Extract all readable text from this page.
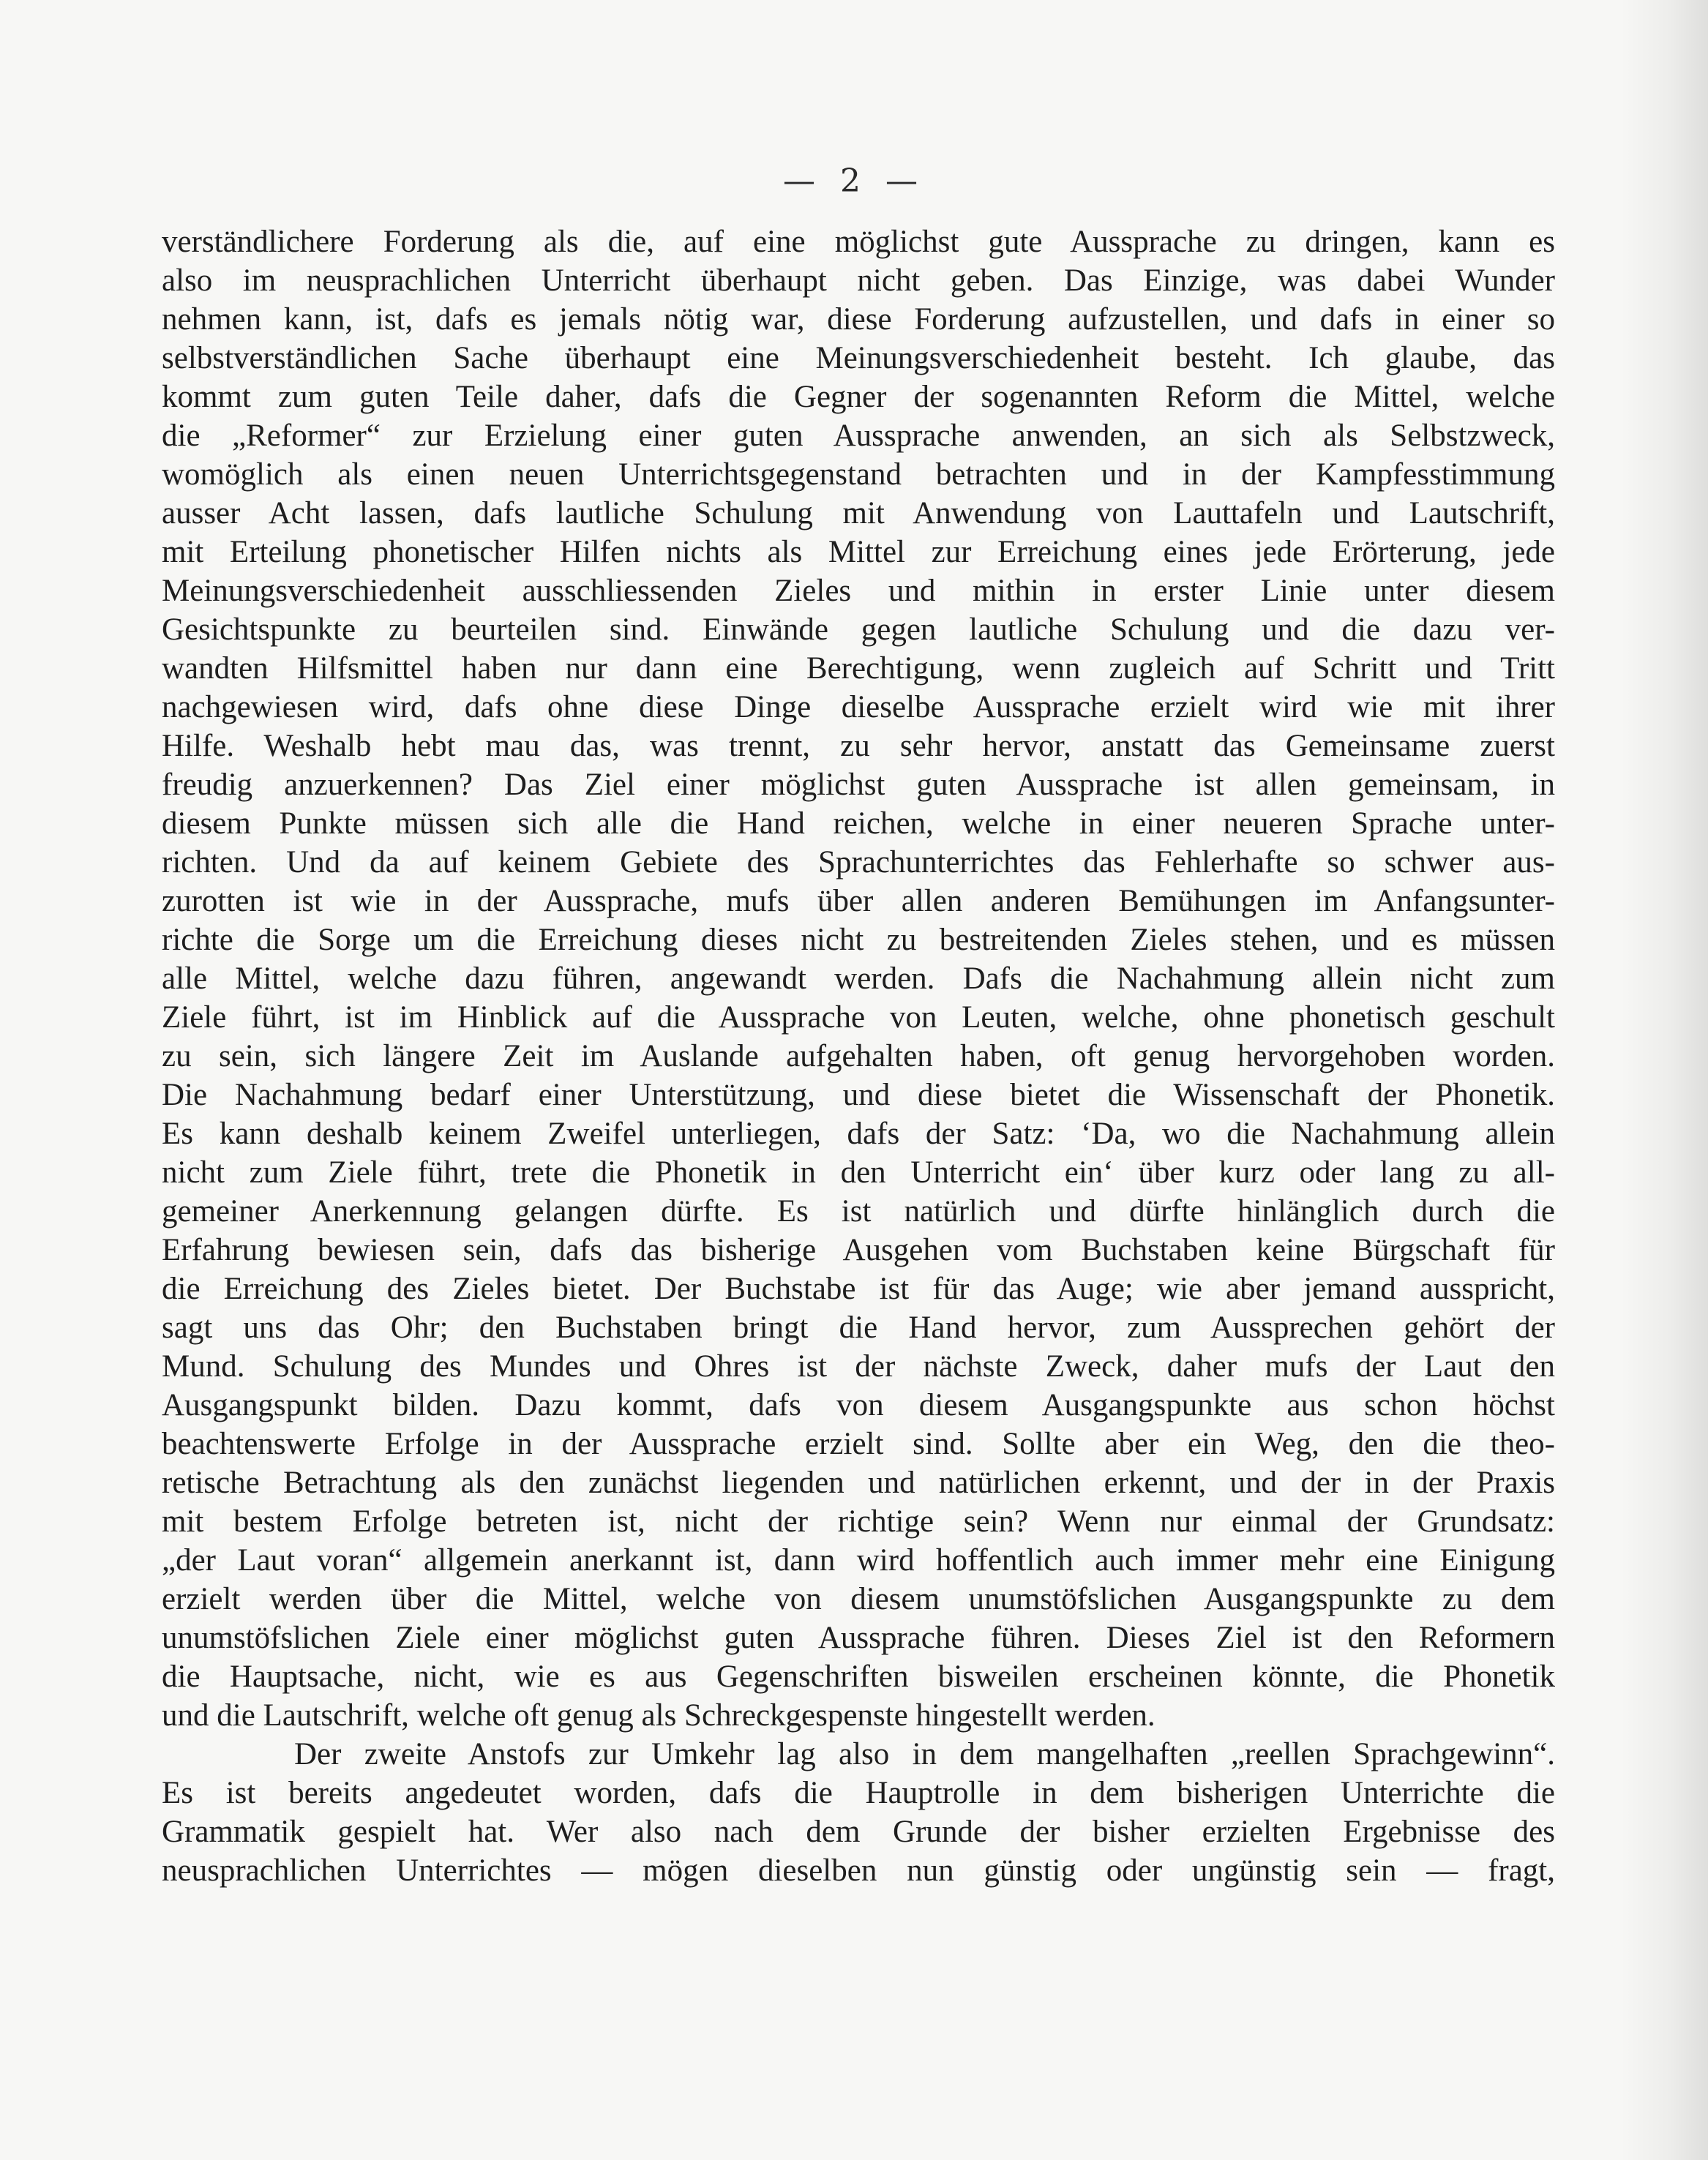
— 2 —
verständlichere Forderung als die, auf eine möglichst gute Aussprache zu dringen, kann es
also im neusprachlichen Unterricht überhaupt nicht geben. Das Einzige, was dabei Wunder
nehmen kann, ist, dafs es jemals nötig war, diese Forderung aufzustellen, und dafs in einer so
selbstverständlichen Sache überhaupt eine Meinungsverschiedenheit besteht. Ich glaube, das
kommt zum guten Teile daher, dafs die Gegner der sogenannten Reform die Mittel, welche
die „Reformer“ zur Erzielung einer guten Aussprache anwenden, an sich als Selbstzweck,
womöglich als einen neuen Unterrichtsgegenstand betrachten und in der Kampfesstimmung
ausser Acht lassen, dafs lautliche Schulung mit Anwendung von Lauttafeln und Lautschrift,
mit Erteilung phonetischer Hilfen nichts als Mittel zur Erreichung eines jede Erörterung, jede
Meinungsverschiedenheit ausschliessenden Zieles und mithin in erster Linie unter diesem
Gesichtspunkte zu beurteilen sind. Einwände gegen lautliche Schulung und die dazu ver-
wandten Hilfsmittel haben nur dann eine Berechtigung, wenn zugleich auf Schritt und Tritt
nachgewiesen wird, dafs ohne diese Dinge dieselbe Aussprache erzielt wird wie mit ihrer
Hilfe. Weshalb hebt mau das, was trennt, zu sehr hervor, anstatt das Gemeinsame zuerst
freudig anzuerkennen? Das Ziel einer möglichst guten Aussprache ist allen gemeinsam, in
diesem Punkte müssen sich alle die Hand reichen, welche in einer neueren Sprache unter-
richten. Und da auf keinem Gebiete des Sprachunterrichtes das Fehlerhafte so schwer aus-
zurotten ist wie in der Aussprache, mufs über allen anderen Bemühungen im Anfangsunter-
richte die Sorge um die Erreichung dieses nicht zu bestreitenden Zieles stehen, und es müssen
alle Mittel, welche dazu führen, angewandt werden. Dafs die Nachahmung allein nicht zum
Ziele führt, ist im Hinblick auf die Aussprache von Leuten, welche, ohne phonetisch geschult
zu sein, sich längere Zeit im Auslande aufgehalten haben, oft genug hervorgehoben worden.
Die Nachahmung bedarf einer Unterstützung, und diese bietet die Wissenschaft der Phonetik.
Es kann deshalb keinem Zweifel unterliegen, dafs der Satz: ‘Da, wo die Nachahmung allein
nicht zum Ziele führt, trete die Phonetik in den Unterricht ein‘ über kurz oder lang zu all-
gemeiner Anerkennung gelangen dürfte. Es ist natürlich und dürfte hinlänglich durch die
Erfahrung bewiesen sein, dafs das bisherige Ausgehen vom Buchstaben keine Bürgschaft für
die Erreichung des Zieles bietet. Der Buchstabe ist für das Auge; wie aber jemand ausspricht,
sagt uns das Ohr; den Buchstaben bringt die Hand hervor, zum Aussprechen gehört der
Mund. Schulung des Mundes und Ohres ist der nächste Zweck, daher mufs der Laut den
Ausgangspunkt bilden. Dazu kommt, dafs von diesem Ausgangspunkte aus schon höchst
beachtenswerte Erfolge in der Aussprache erzielt sind. Sollte aber ein Weg, den die theo-
retische Betrachtung als den zunächst liegenden und natürlichen erkennt, und der in der Praxis
mit bestem Erfolge betreten ist, nicht der richtige sein? Wenn nur einmal der Grundsatz:
„der Laut voran“ allgemein anerkannt ist, dann wird hoffentlich auch immer mehr eine Einigung
erzielt werden über die Mittel, welche von diesem unumstöfslichen Ausgangspunkte zu dem
unumstöfslichen Ziele einer möglichst guten Aussprache führen. Dieses Ziel ist den Reformern
die Hauptsache, nicht, wie es aus Gegenschriften bisweilen erscheinen könnte, die Phonetik
und die Lautschrift, welche oft genug als Schreckgespenste hingestellt werden.
Der zweite Anstofs zur Umkehr lag also in dem mangelhaften „reellen Sprachgewinn“.
Es ist bereits angedeutet worden, dafs die Hauptrolle in dem bisherigen Unterrichte die
Grammatik gespielt hat. Wer also nach dem Grunde der bisher erzielten Ergebnisse des
neusprachlichen Unterrichtes — mögen dieselben nun günstig oder ungünstig sein — fragt,
